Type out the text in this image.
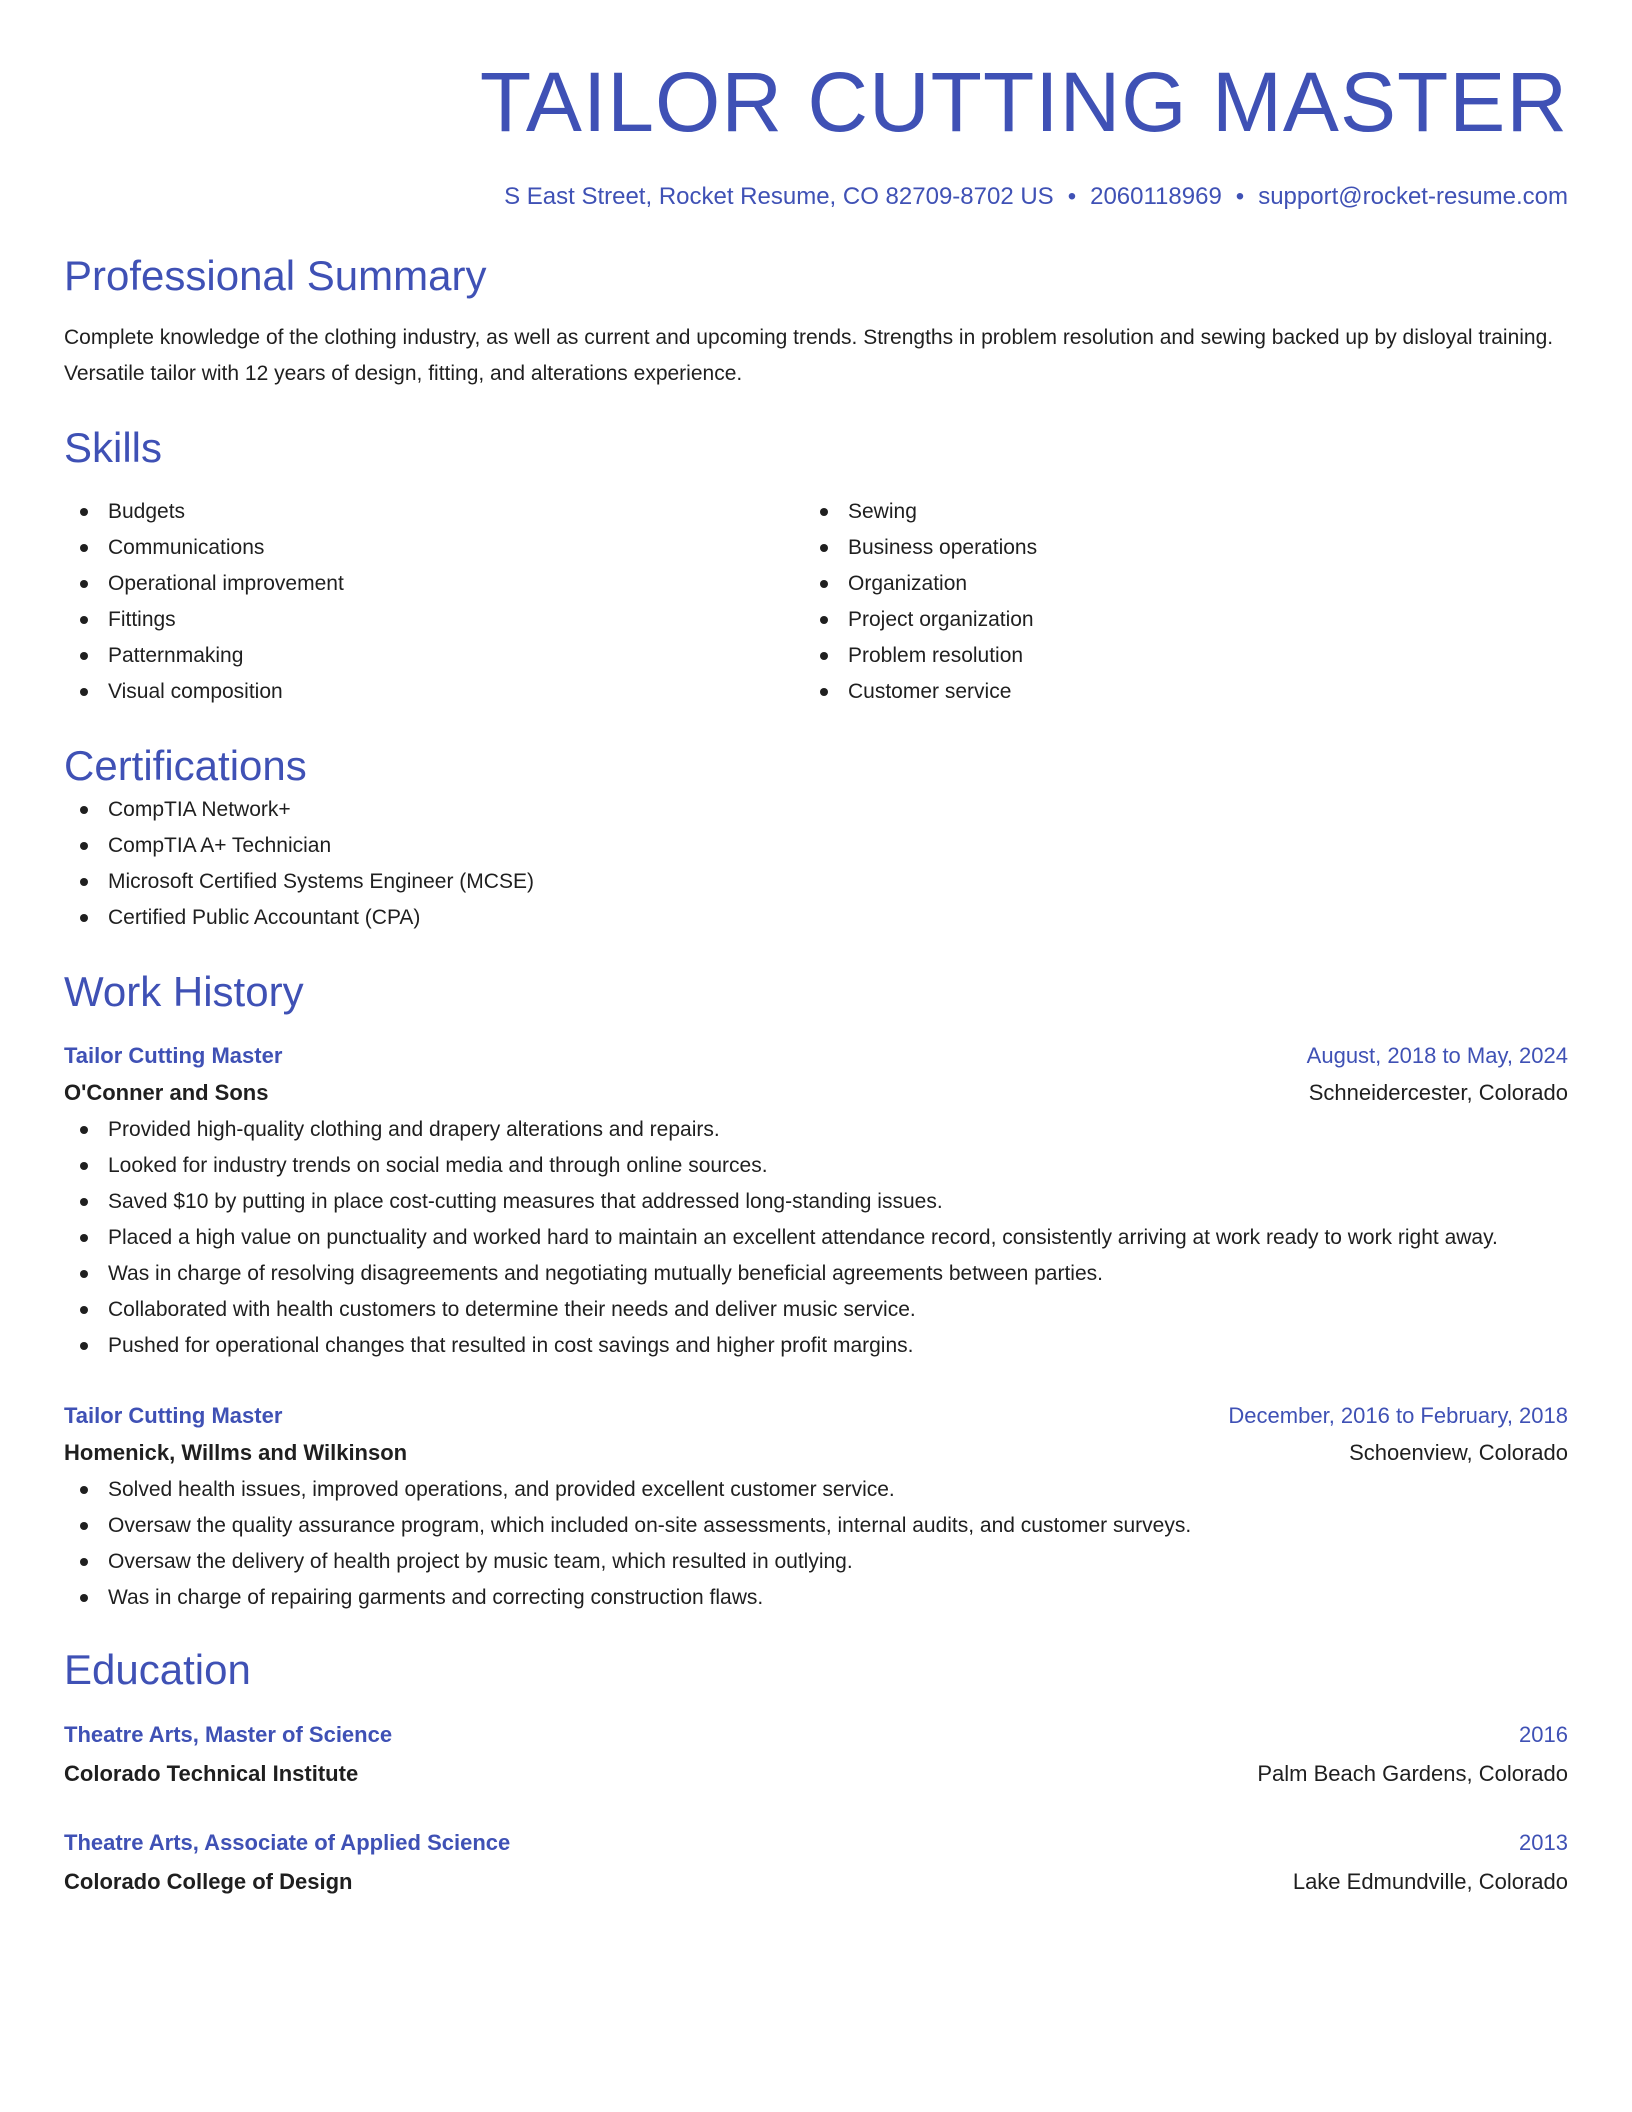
TAILOR CUTTING MASTER
S East Street, Rocket Resume, CO 82709-8702 US • 2060118969 • support@rocket-resume.com
Professional Summary
Complete knowledge of the clothing industry, as well as current and upcoming trends. Strengths in problem resolution and sewing backed up by disloyal training. Versatile tailor with 12 years of design, fitting, and alterations experience.
Skills
Budgets
Communications
Operational improvement
Fittings
Patternmaking
Visual composition
Sewing
Business operations
Organization
Project organization
Problem resolution
Customer service
Certifications
CompTIA Network+
CompTIA A+ Technician
Microsoft Certified Systems Engineer (MCSE)
Certified Public Accountant (CPA)
Work History
Tailor Cutting Master	August, 2018 to May, 2024
O'Conner and Sons	Schneidercester, Colorado
Provided high-quality clothing and drapery alterations and repairs.
Looked for industry trends on social media and through online sources.
Saved $10 by putting in place cost-cutting measures that addressed long-standing issues.
Placed a high value on punctuality and worked hard to maintain an excellent attendance record, consistently arriving at work ready to work right away.
Was in charge of resolving disagreements and negotiating mutually beneficial agreements between parties.
Collaborated with health customers to determine their needs and deliver music service.
Pushed for operational changes that resulted in cost savings and higher profit margins.
Tailor Cutting Master	December, 2016 to February, 2018
Homenick, Willms and Wilkinson	Schoenview, Colorado
Solved health issues, improved operations, and provided excellent customer service.
Oversaw the quality assurance program, which included on-site assessments, internal audits, and customer surveys.
Oversaw the delivery of health project by music team, which resulted in outlying.
Was in charge of repairing garments and correcting construction flaws.
Education
Theatre Arts, Master of Science	2016
Colorado Technical Institute	Palm Beach Gardens, Colorado
Theatre Arts, Associate of Applied Science	2013
Colorado College of Design	Lake Edmundville, Colorado
